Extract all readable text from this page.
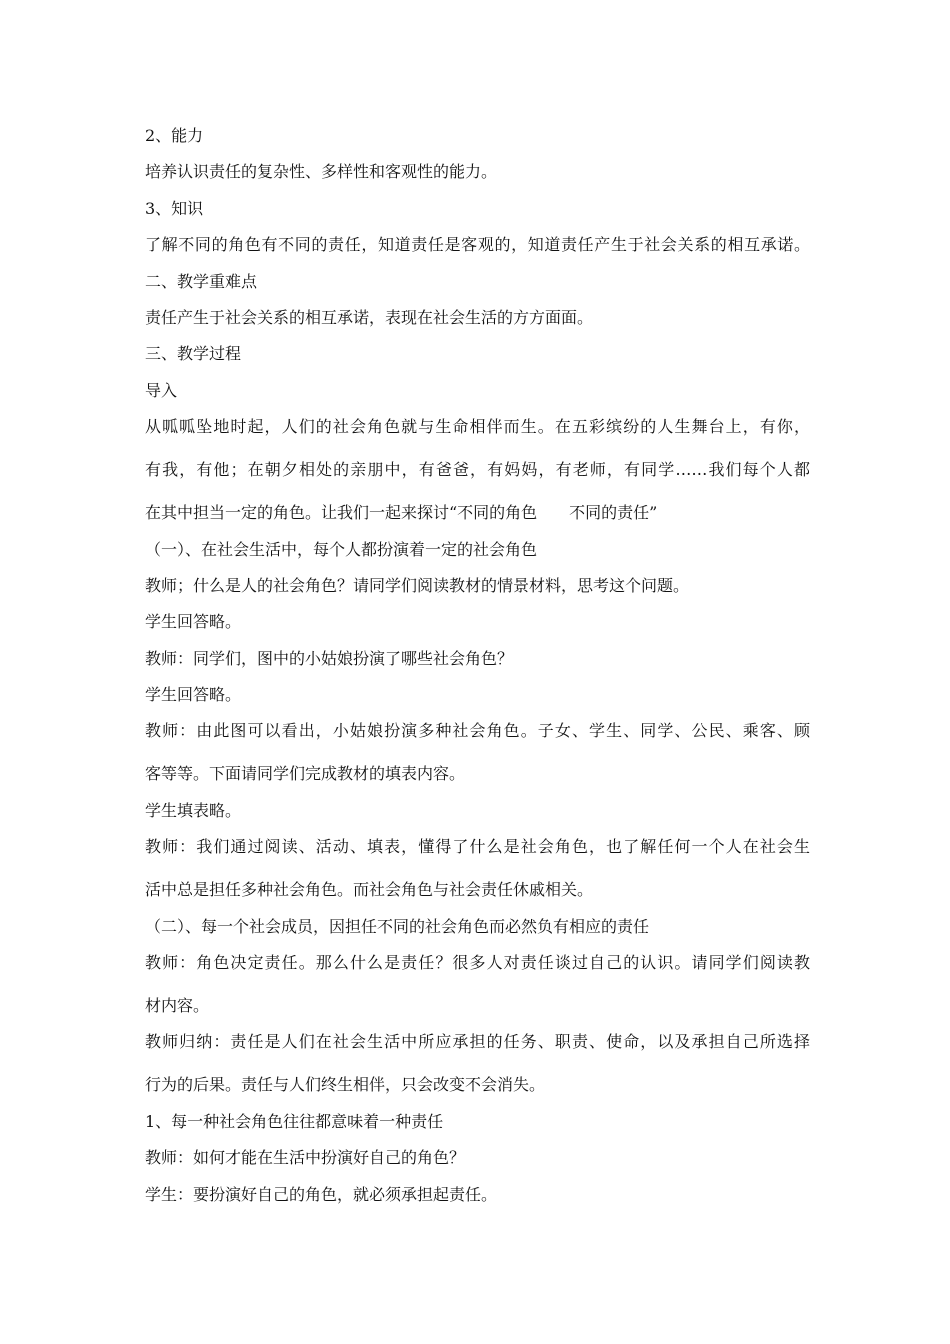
2、能力

培养认识责任的复杂性、多样性和客观性的能力。

3、知识

了解不同的角色有不同的责任，知道责任是客观的，知道责任产生于社会关系的相互承诺。

二、教学重难点

责任产生于社会关系的相互承诺，表现在社会生活的方方面面。

三、教学过程

导入

从呱呱坠地时起，人们的社会角色就与生命相伴而生。在五彩缤纷的人生舞台上，有你，

有我，有他；在朝夕相处的亲朋中，有爸爸，有妈妈，有老师，有同学……我们每个人都

在其中担当一定的角色。让我们一起来探讨“不同的角色　　不同的责任”

（一）、在社会生活中，每个人都扮演着一定的社会角色

教师；什么是人的社会角色？请同学们阅读教材的情景材料，思考这个问题。

学生回答略。

教师：同学们，图中的小姑娘扮演了哪些社会角色？

学生回答略。

教师：由此图可以看出，小姑娘扮演多种社会角色。子女、学生、同学、公民、乘客、顾

客等等。下面请同学们完成教材的填表内容。

学生填表略。

教师：我们通过阅读、活动、填表，懂得了什么是社会角色，也了解任何一个人在社会生

活中总是担任多种社会角色。而社会角色与社会责任休戚相关。

（二）、每一个社会成员，因担任不同的社会角色而必然负有相应的责任

教师：角色决定责任。那么什么是责任？很多人对责任谈过自己的认识。请同学们阅读教

材内容。

教师归纳：责任是人们在社会生活中所应承担的任务、职责、使命，以及承担自己所选择

行为的后果。责任与人们终生相伴，只会改变不会消失。

1、每一种社会角色往往都意味着一种责任

教师：如何才能在生活中扮演好自己的角色？

学生：要扮演好自己的角色，就必须承担起责任。
